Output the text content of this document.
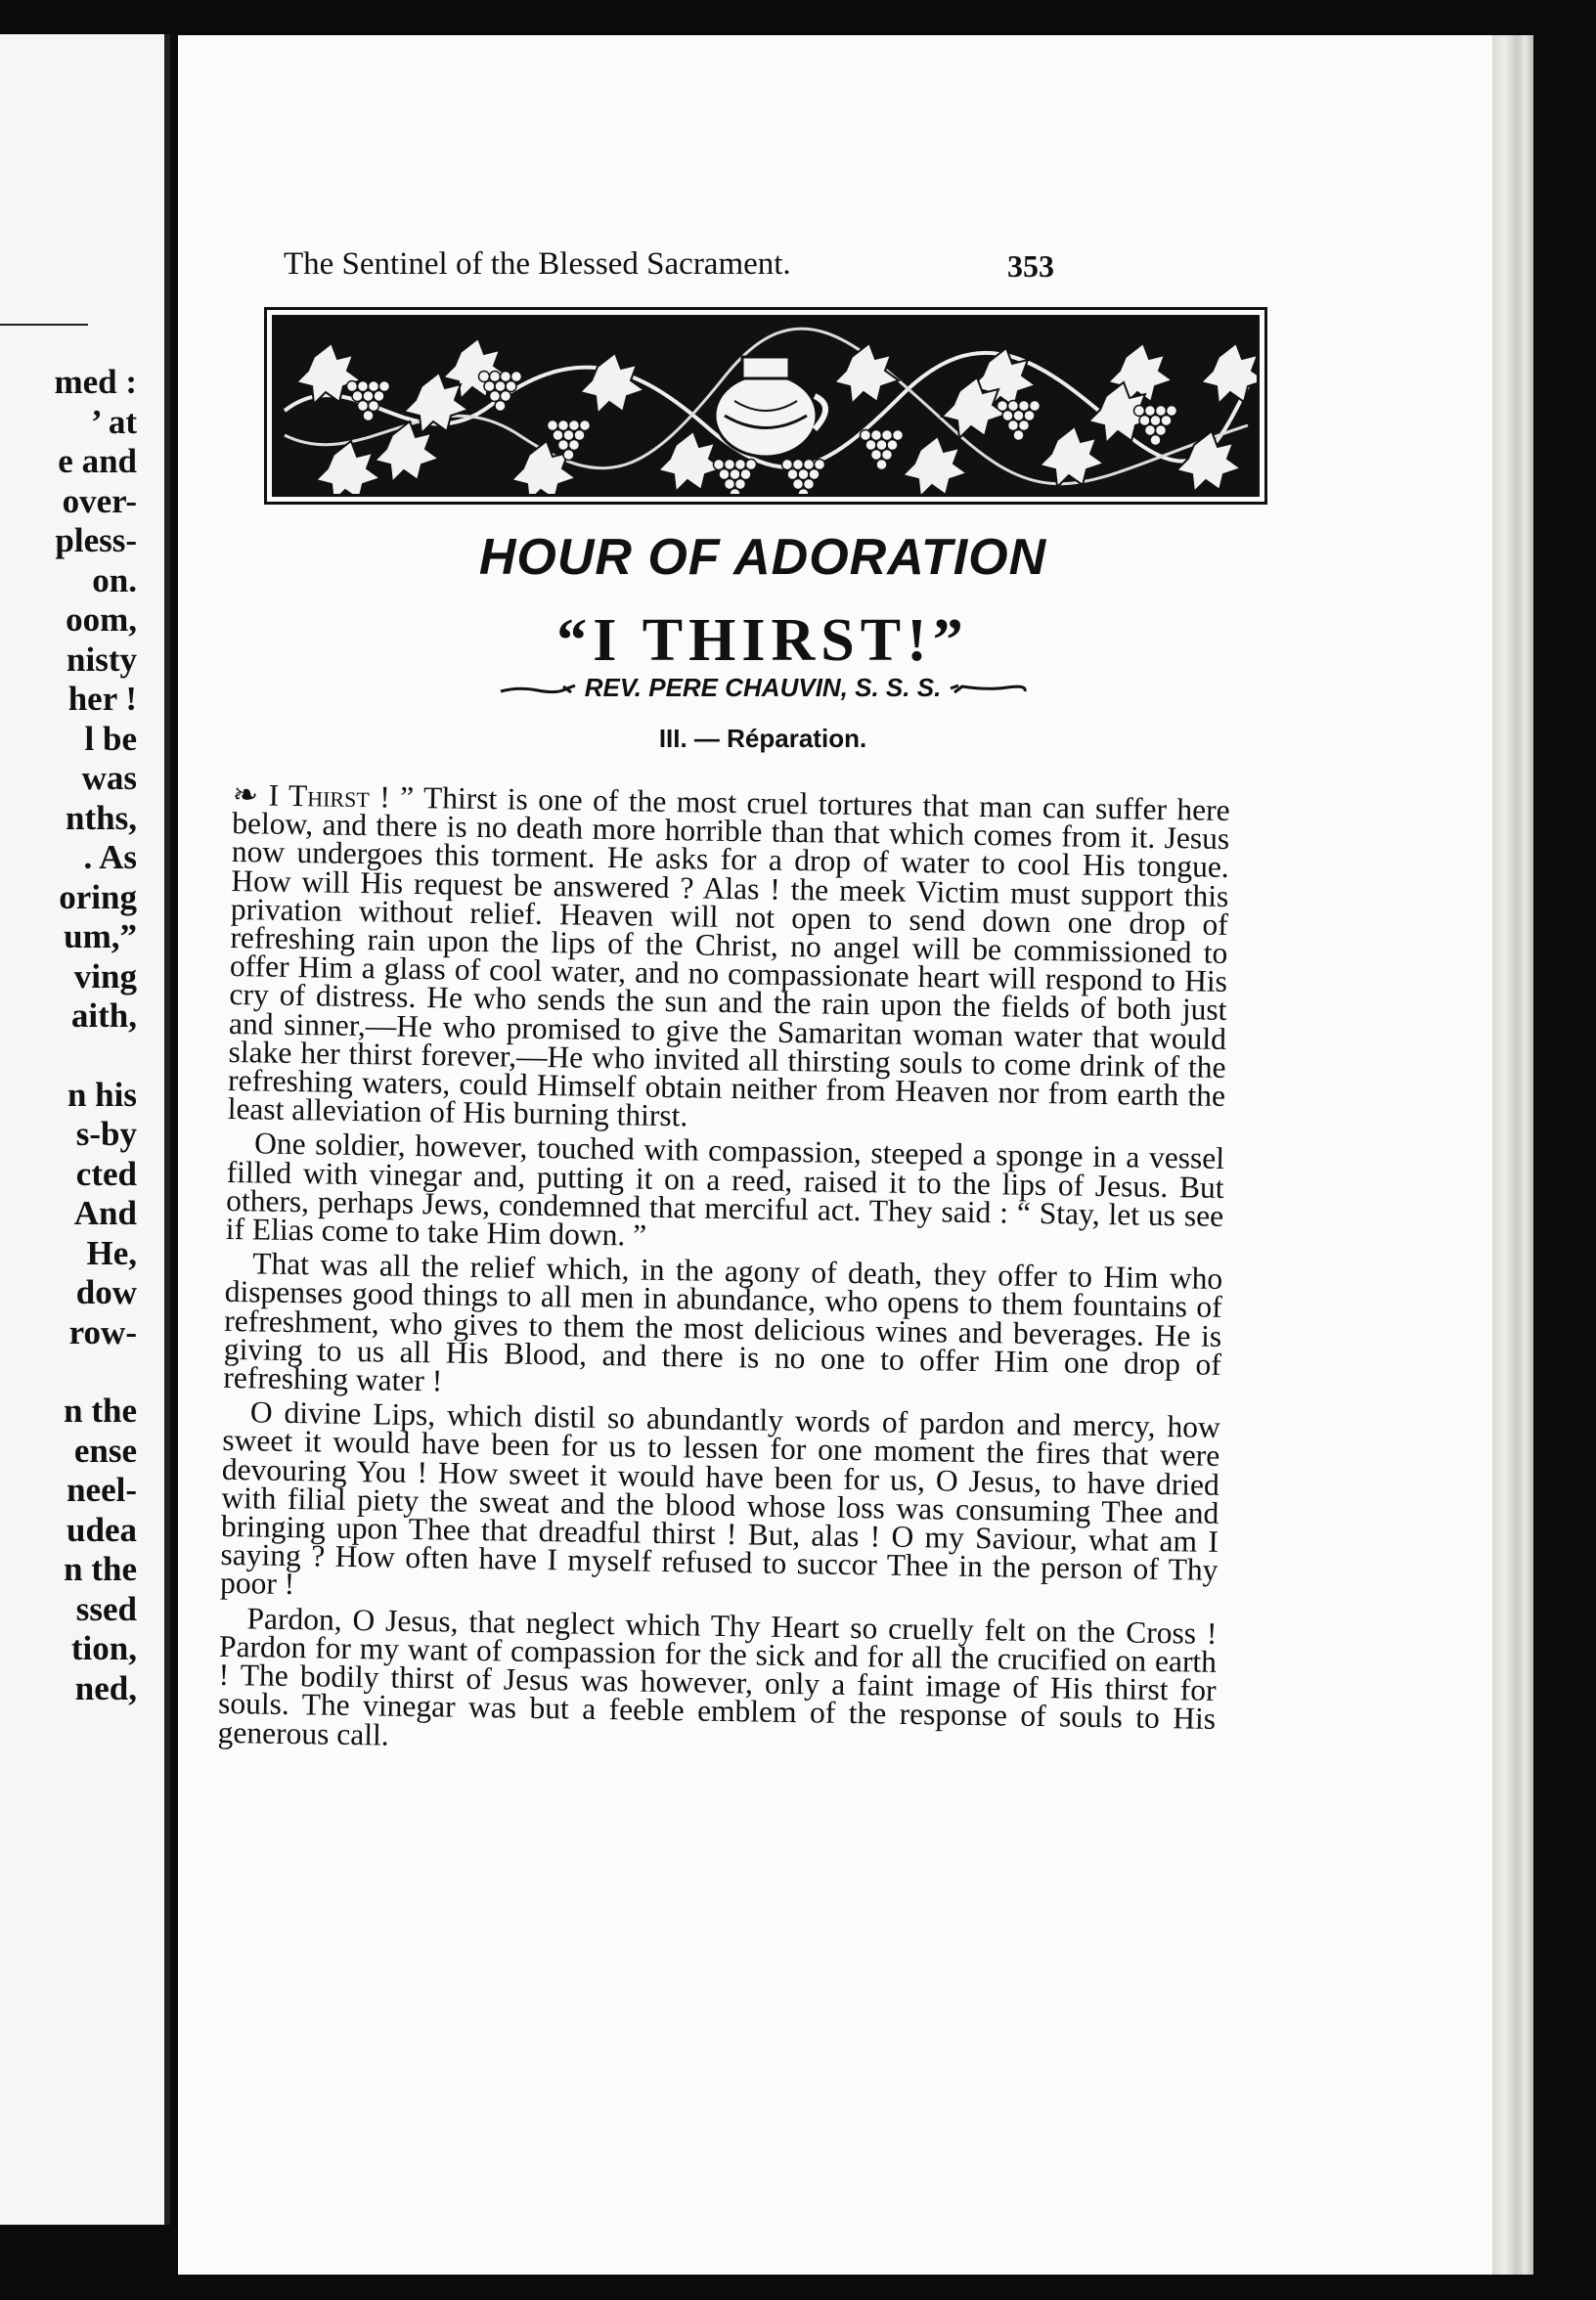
med :
’ at
e and
over-
pless-
on.
oom,
nisty
her !
l be
was
nths,
. As
oring
um,”
ving
aith,
n his
s-by
cted
And
He,
dow
row-
n the
ense
neel-
udea
n the
ssed
tion,
ned,
The Sentinel of the Blessed Sacrament.	353
HOUR OF ADORATION
“I THIRST!”
REV. PERE CHAUVIN, S. S. S.
III. — Réparation.

❧ I Thirst ! ” Thirst is one of the most cruel tortures that man can suffer here below, and there is no death more horrible than that which comes from it. Jesus now undergoes this torment. He asks for a drop of water to cool His tongue. How will His request be answered ? Alas ! the meek Victim must support this privation without relief. Heaven will not open to send down one drop of refreshing rain upon the lips of the Christ, no angel will be commissioned to offer Him a glass of cool water, and no compassionate heart will respond to His cry of distress. He who sends the sun and the rain upon the fields of both just and sinner,—He who promised to give the Samaritan woman water that would slake her thirst forever,—He who invited all thirsting souls to come drink of the refreshing waters, could Himself obtain neither from Heaven nor from earth the least alleviation of His burning thirst.

One soldier, however, touched with compassion, steeped a sponge in a vessel filled with vinegar and, putting it on a reed, raised it to the lips of Jesus. But others, perhaps Jews, condemned that merciful act. They said : “ Stay, let us see if Elias come to take Him down. ”

That was all the relief which, in the agony of death, they offer to Him who dispenses good things to all men in abundance, who opens to them fountains of refreshment, who gives to them the most delicious wines and beverages. He is giving to us all His Blood, and there is no one to offer Him one drop of refreshing water !

O divine Lips, which distil so abundantly words of pardon and mercy, how sweet it would have been for us to lessen for one moment the fires that were devouring You ! How sweet it would have been for us, O Jesus, to have dried with filial piety the sweat and the blood whose loss was consuming Thee and bringing upon Thee that dreadful thirst ! But, alas ! O my Saviour, what am I saying ? How often have I myself refused to succor Thee in the person of Thy poor !

Pardon, O Jesus, that neglect which Thy Heart so cruelly felt on the Cross ! Pardon for my want of compassion for the sick and for all the crucified on earth ! The bodily thirst of Jesus was however, only a faint image of His thirst for souls. The vinegar was but a feeble emblem of the response of souls to His generous call.
